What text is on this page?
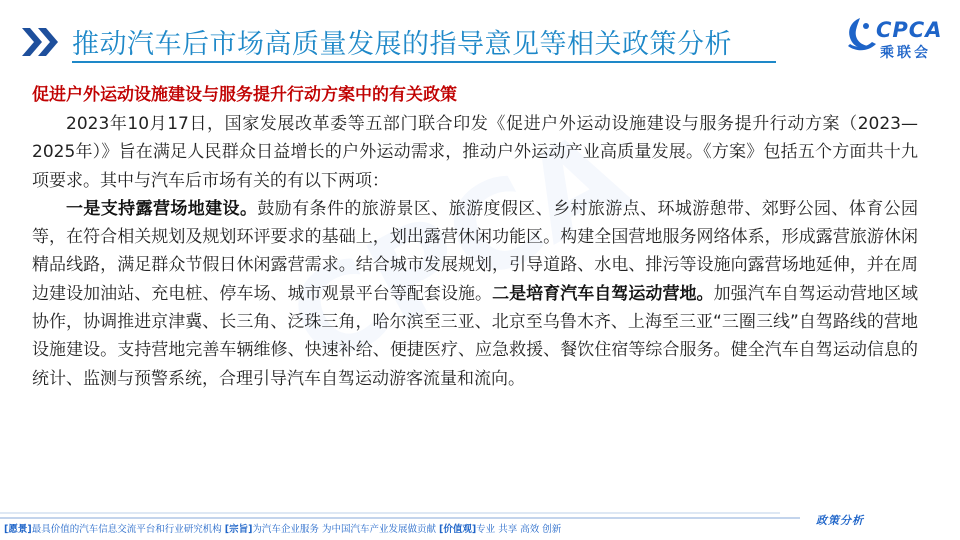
推动汽车后市场高质量发展的指导意见等相关政策分析	CPCA
乘联会
促进户外运动设施建设与服务提升行动方案中的有关政策

2023年10月17日，国家发展改革委等五部门联合印发《促进户外运动设施建设与服务提升行动方案（2023—2025年）》旨在满足人民群众日益增长的户外运动需求，推动户外运动产业高质量发展。《方案》包括五个方面共十九项要求。其中与汽车后市场有关的有以下两项：

一是支持露营场地建设。鼓励有条件的旅游景区、旅游度假区、乡村旅游点、环城游憩带、郊野公园、体育公园等，在符合相关规划及规划环评要求的基础上，划出露营休闲功能区。构建全国营地服务网络体系，形成露营旅游休闲精品线路，满足群众节假日休闲露营需求。结合城市发展规划，引导道路、水电、排污等设施向露营场地延伸，并在周边建设加油站、充电桩、停车场、城市观景平台等配套设施。二是培育汽车自驾运动营地。加强汽车自驾运动营地区域协作，协调推进京津冀、长三角、泛珠三角，哈尔滨至三亚、北京至乌鲁木齐、上海至三亚“三圈三线”自驾路线的营地设施建设。支持营地完善车辆维修、快速补给、便捷医疗、应急救援、餐饮住宿等综合服务。健全汽车自驾运动信息的统计、监测与预警系统，合理引导汽车自驾运动游客流量和流向。

[愿景]最具价值的汽车信息交流平台和行业研究机构 [宗旨]为汽车企业服务 为中国汽车产业发展做贡献 [价值观]专业 共享 高效 创新
政策分析
